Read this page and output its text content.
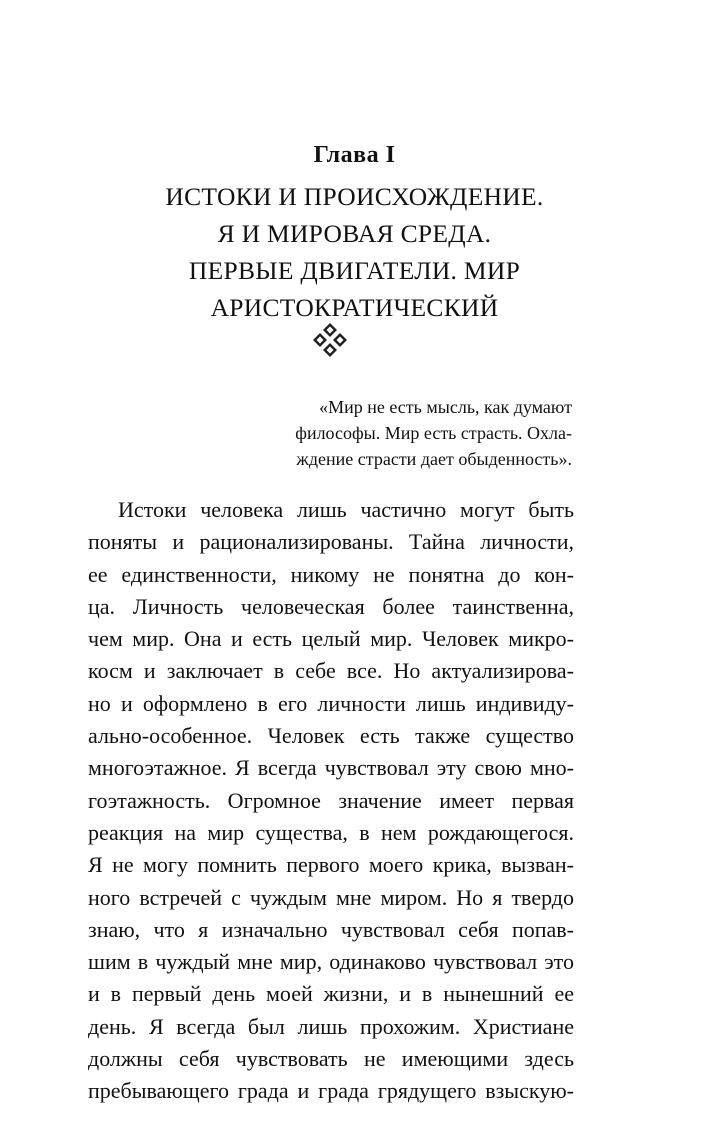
Глава I
ИСТОКИ И ПРОИСХОЖДЕНИЕ.
Я И МИРОВАЯ СРЕДА.
ПЕРВЫЕ ДВИГАТЕЛИ. МИР
АРИСТОКРАТИЧЕСКИЙ
«Мир не есть мысль, как думают
философы. Мир есть страсть. Охла-
ждение страсти дает обыденность».
Истоки человека лишь частично могут быть
поняты и рационализированы. Тайна личности,
ее единственности, никому не понятна до кон-
ца. Личность человеческая более таинственна,
чем мир. Она и есть целый мир. Человек микро-
косм и заключает в себе все. Но актуализирова-
но и оформлено в его личности лишь индивиду-
ально-особенное. Человек есть также существо
многоэтажное. Я всегда чувствовал эту свою мно-
гоэтажность. Огромное значение имеет первая
реакция на мир существа, в нем рождающегося.
Я не могу помнить первого моего крика, вызван-
ного встречей с чуждым мне миром. Но я твердо
знаю, что я изначально чувствовал себя попав-
шим в чуждый мне мир, одинаково чувствовал это
и в первый день моей жизни, и в нынешний ее
день. Я всегда был лишь прохожим. Христиане
должны себя чувствовать не имеющими здесь
пребывающего града и града грядущего взыскую-
